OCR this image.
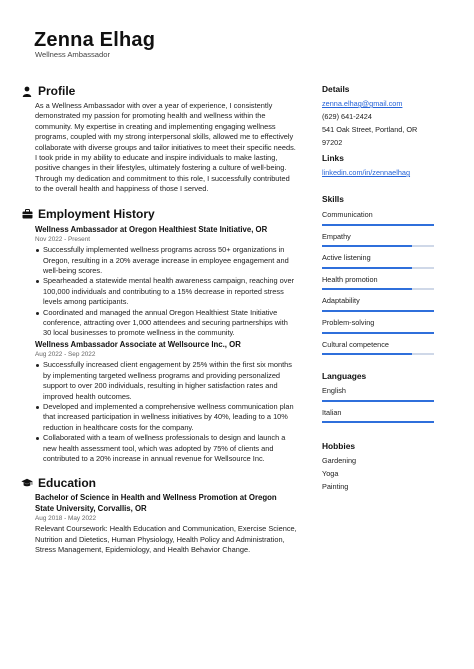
Zenna Elhag
Wellness Ambassador
Profile

As a Wellness Ambassador with over a year of experience, I consistently demonstrated my passion for promoting health and wellness within the community. My expertise in creating and implementing engaging wellness programs, coupled with my strong interpersonal skills, allowed me to effectively collaborate with diverse groups and tailor initiatives to meet their specific needs. I took pride in my ability to educate and inspire individuals to make lasting, positive changes in their lifestyles, ultimately fostering a culture of well-being. Through my dedication and commitment to this role, I successfully contributed to the overall health and happiness of those I served.

Employment History
Wellness Ambassador at Oregon Healthiest State Initiative, OR
Nov 2022 - Present
Successfully implemented wellness programs across 50+ organizations in Oregon, resulting in a 20% average increase in employee engagement and well-being scores.
Spearheaded a statewide mental health awareness campaign, reaching over 100,000 individuals and contributing to a 15% decrease in reported stress levels among participants.
Coordinated and managed the annual Oregon Healthiest State Initiative conference, attracting over 1,000 attendees and securing partnerships with 30 local businesses to promote wellness in the community.
Wellness Ambassador Associate at Wellsource Inc., OR
Aug 2022 - Sep 2022
Successfully increased client engagement by 25% within the first six months by implementing targeted wellness programs and providing personalized support to over 200 individuals, resulting in higher satisfaction rates and improved health outcomes.
Developed and implemented a comprehensive wellness communication plan that increased participation in wellness initiatives by 40%, leading to a 10% reduction in healthcare costs for the company.
Collaborated with a team of wellness professionals to design and launch a new health assessment tool, which was adopted by 75% of clients and contributed to a 20% increase in annual revenue for Wellsource Inc.
Education
Bachelor of Science in Health and Wellness Promotion at Oregon State University, Corvallis, OR
Aug 2018 - May 2022

Relevant Coursework: Health Education and Communication, Exercise Science, Nutrition and Dietetics, Human Physiology, Health Policy and Administration, Stress Management, Epidemiology, and Health Behavior Change.

Details
zenna.elhag@gmail.com
(629) 641-2424
541 Oak Street, Portland, OR 97202
Links
linkedin.com/in/zennaelhag
Skills
Communication
Empathy
Active listening
Health promotion
Adaptability
Problem-solving
Cultural competence
Languages
English
Italian
Hobbies
Gardening
Yoga
Painting
